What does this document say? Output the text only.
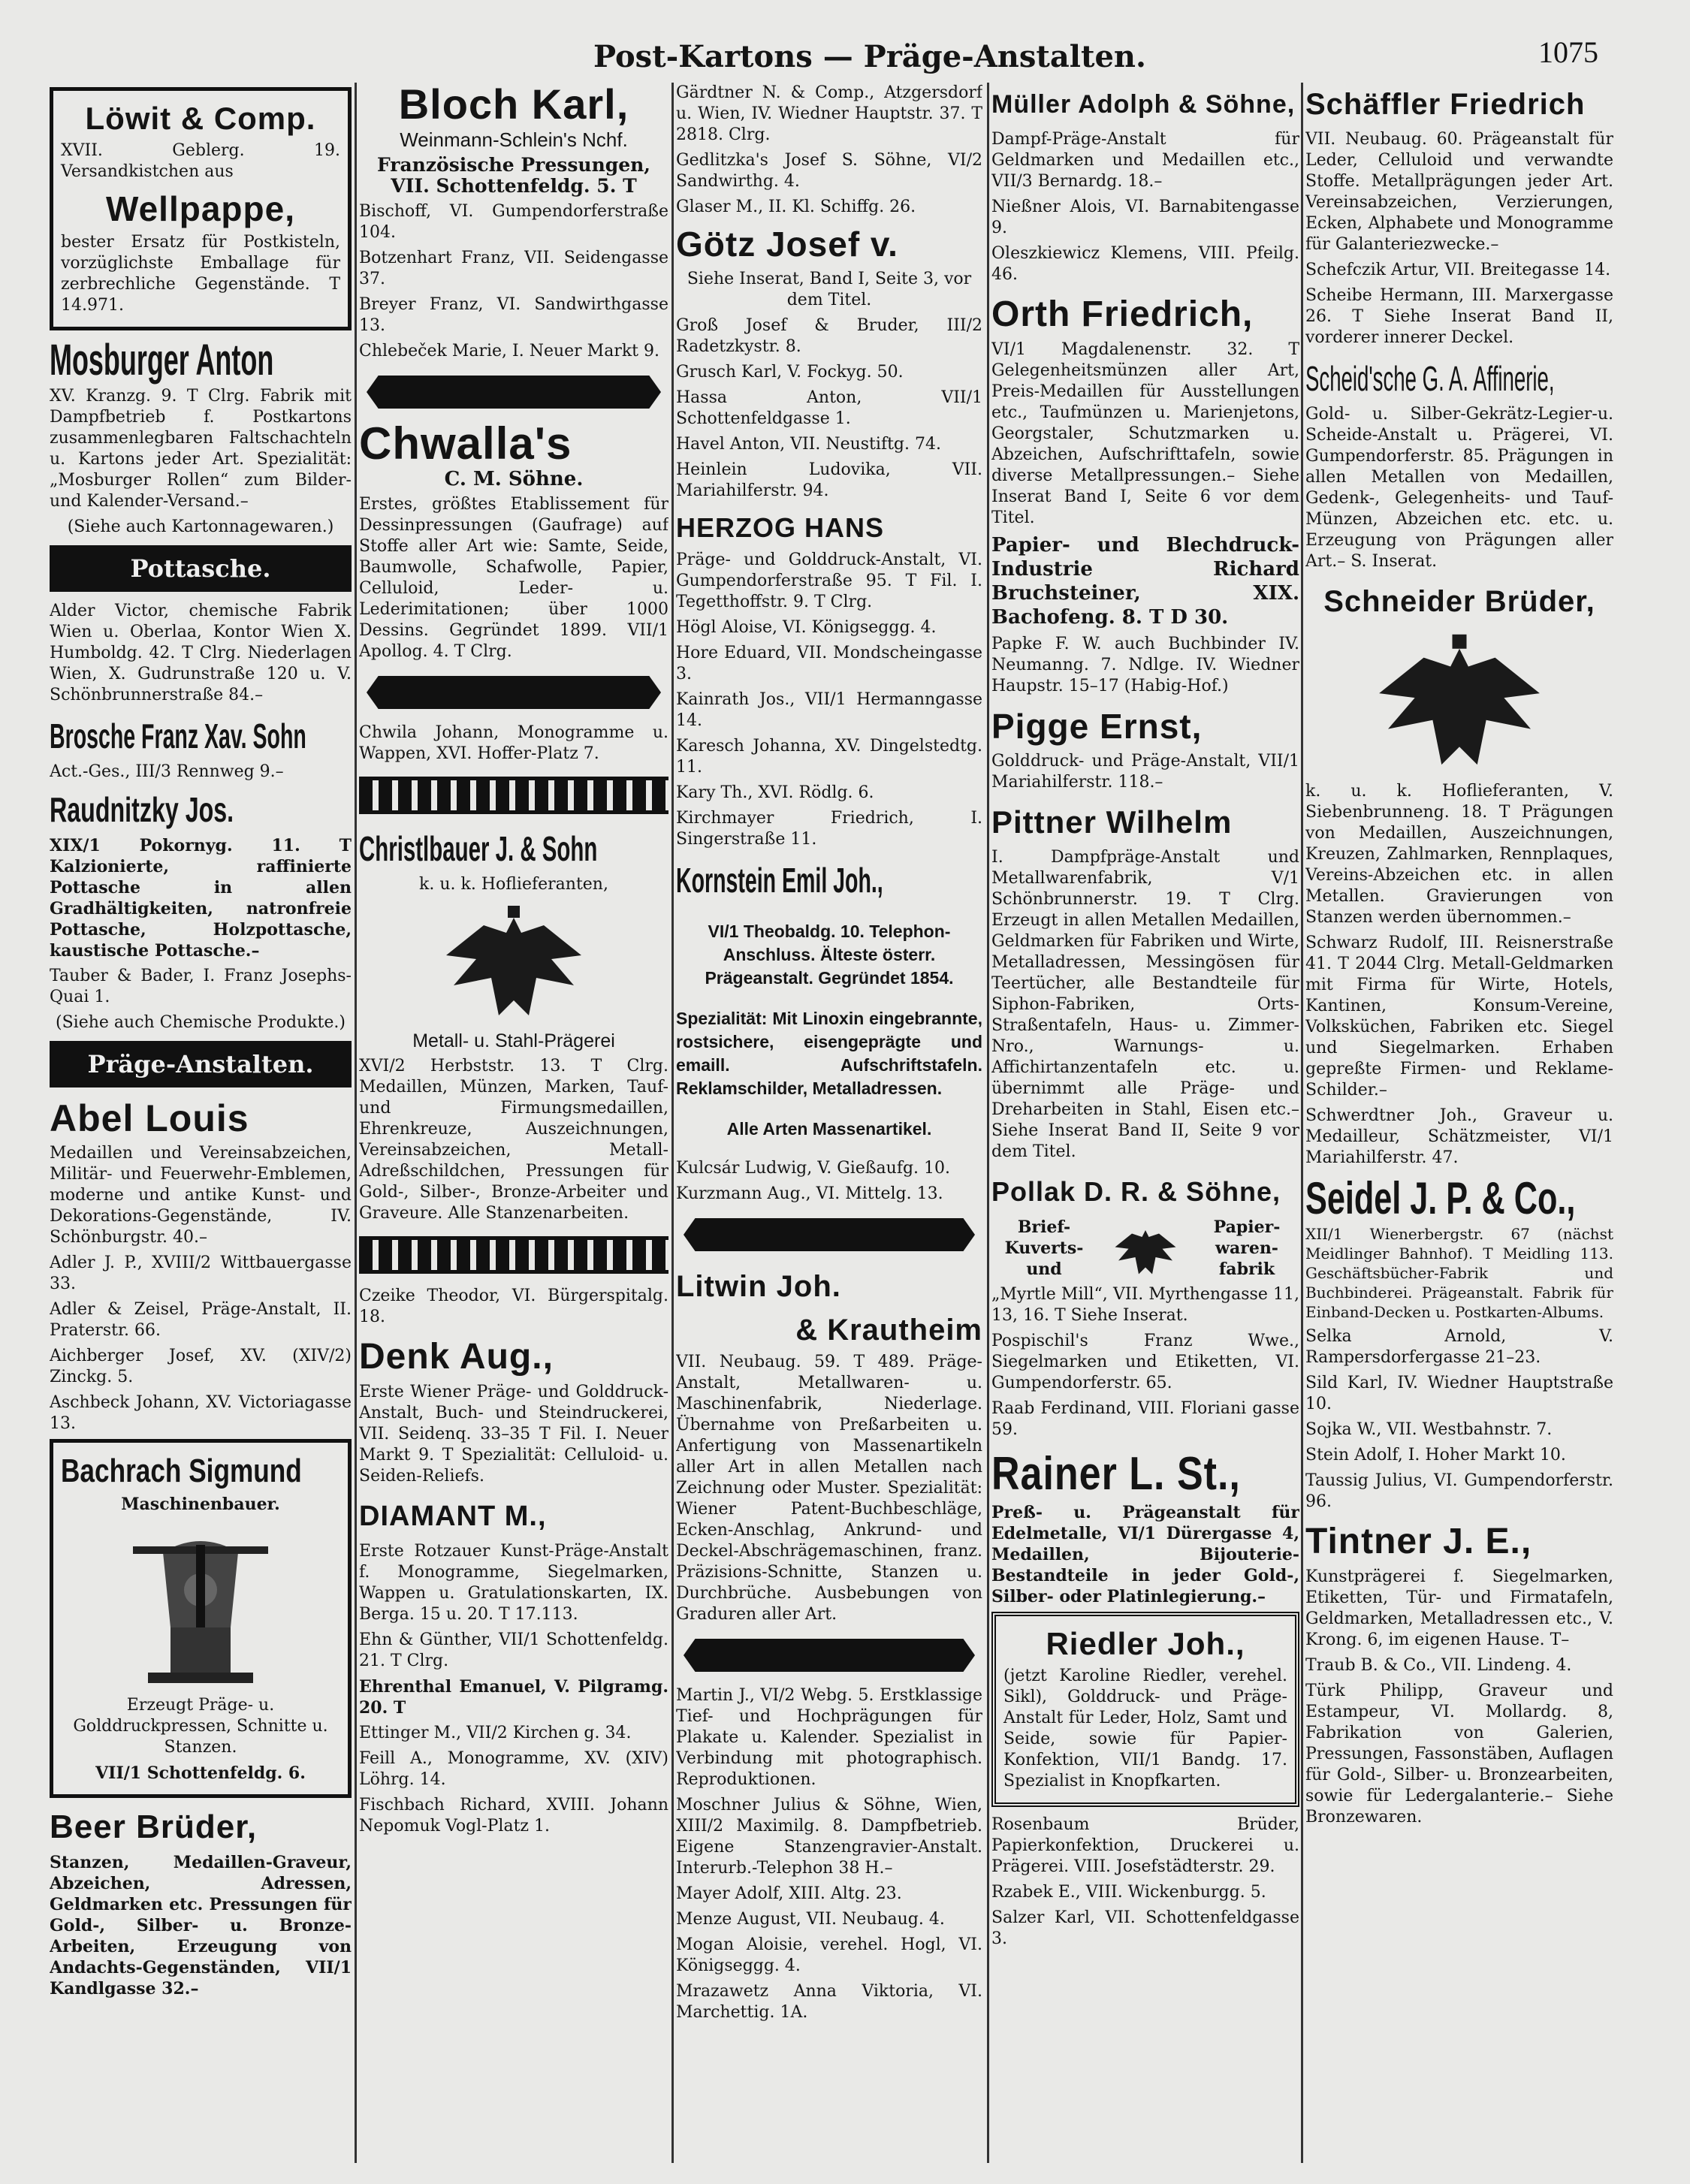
Post-Kartons — Präge-Anstalten.	1075
Löwit & Comp.

XVII. Geblerg. 19. Versandkistchen aus

Wellpappe,

bester Ersatz für Postkisteln, vorzüglichste Emballage für zerbrechliche Gegenstände. T 14.971.

Mosburger Anton

XV. Kranzg. 9. T Clrg. Fabrik mit Dampfbetrieb f. Postkartons zusammenlegbaren Faltschachteln u. Kartons jeder Art. Spezialität: „Mosburger Rollen“ zum Bilder- und Kalender-Versand.–

(Siehe auch Kartonnagewaren.)

Pottasche.

Alder Victor, chemische Fabrik Wien u. Oberlaa, Kontor Wien X. Humboldg. 42. T Clrg. Niederlagen Wien, X. Gudrunstraße 120 u. V. Schönbrunnerstraße 84.–

Brosche Franz Xav. Sohn

Act.-Ges., III/3 Rennweg 9.–

Raudnitzky Jos.

XIX/1 Pokornyg. 11. T Kalzionierte, raffinierte Pottasche in allen Gradhältigkeiten, natronfreie Pottasche, Holzpottasche, kaustische Pottasche.–

Tauber & Bader, I. Franz Josephs-Quai 1.

(Siehe auch Chemische Produkte.)

Präge-Anstalten.
Abel Louis

Medaillen und Vereinsabzeichen, Militär- und Feuerwehr-Emblemen, moderne und antike Kunst- und Dekorations-Gegenstände, IV. Schönburgstr. 40.–

Adler J. P., XVIII/2 Wittbauergasse 33.

Adler & Zeisel, Präge-Anstalt, II. Praterstr. 66.

Aichberger Josef, XV. (XIV/2) Zinckg. 5.

Aschbeck Johann, XV. Victoriagasse 13.

Bachrach Sigmund

Maschinenbauer.

Erzeugt Präge- u. Golddruckpressen, Schnitte u. Stanzen.

VII/1 Schottenfeldg. 6.

Beer Brüder,

Stanzen, Medaillen-Graveur, Abzeichen, Adressen, Geldmarken etc. Pressungen für Gold-, Silber- u. Bronze-Arbeiten, Erzeugung von Andachts-Gegenständen, VII/1 Kandlgasse 32.–

Bloch Karl,

Weinmann-Schlein's Nchf.

Französische Pressungen, VII. Schottenfeldg. 5. T

Bischoff, VI. Gumpendorferstraße 104.

Botzenhart Franz, VII. Seidengasse 37.

Breyer Franz, VI. Sandwirthgasse 13.

Chlebeček Marie, I. Neuer Markt 9.

Chwalla's

C. M. Söhne.

Erstes, größtes Etablissement für Dessinpressungen (Gaufrage) auf Stoffe aller Art wie: Samte, Seide, Baumwolle, Schafwolle, Papier, Celluloid, Leder- u. Lederimitationen; über 1000 Dessins. Gegründet 1899. VII/1 Apollog. 4. T Clrg.

Chwila Johann, Monogramme u. Wappen, XVI. Hoffer-Platz 7.

Christlbauer J. & Sohn

k. u. k. Hoflieferanten,

Metall- u. Stahl-Prägerei

XVI/2 Herbststr. 13. T Clrg. Medaillen, Münzen, Marken, Tauf- und Firmungsmedaillen, Ehrenkreuze, Auszeichnungen, Vereinsabzeichen, Metall-Adreßschildchen, Pressungen für Gold-, Silber-, Bronze-Arbeiter und Graveure. Alle Stanzenarbeiten.

Czeike Theodor, VI. Bürgerspitalg. 18.

Denk Aug.,

Erste Wiener Präge- und Golddruck-Anstalt, Buch- und Steindruckerei, VII. Seidenq. 33–35 T Fil. I. Neuer Markt 9. T Spezialität: Celluloid- u. Seiden-Reliefs.

DIAMANT M.,

Erste Rotzauer Kunst-Präge-Anstalt f. Monogramme, Siegelmarken, Wappen u. Gratulationskarten, IX. Berga. 15 u. 20. T 17.113.

Ehn & Günther, VII/1 Schottenfeldg. 21. T Clrg.

Ehrenthal Emanuel, V. Pilgramg. 20. T

Ettinger M., VII/2 Kirchen g. 34.

Feill A., Monogramme, XV. (XIV) Löhrg. 14.

Fischbach Richard, XVIII. Johann Nepomuk Vogl-Platz 1.

Gärdtner N. & Comp., Atzgersdorf u. Wien, IV. Wiedner Hauptstr. 37. T 2818. Clrg.

Gedlitzka's Josef S. Söhne, VI/2 Sandwirthg. 4.

Glaser M., II. Kl. Schiffg. 26.

Götz Josef v.

Siehe Inserat, Band I, Seite 3, vor dem Titel.

Groß Josef & Bruder, III/2 Radetzkystr. 8.

Grusch Karl, V. Fockyg. 50.

Hassa Anton, VII/1 Schottenfeldgasse 1.

Havel Anton, VII. Neustiftg. 74.

Heinlein Ludovika, VII. Mariahilferstr. 94.

HERZOG HANS

Präge- und Golddruck-Anstalt, VI. Gumpendorferstraße 95. T Fil. I. Tegetthoffstr. 9. T Clrg.

Högl Aloise, VI. Königseggg. 4.

Hore Eduard, VII. Mondscheingasse 3.

Kainrath Jos., VII/1 Hermanngasse 14.

Karesch Johanna, XV. Dingelstedtg. 11.

Kary Th., XVI. Rödlg. 6.

Kirchmayer Friedrich, I. Singerstraße 11.

Kornstein Emil Joh.,

VI/1 Theobaldg. 10. Telephon-Anschluss. Älteste österr. Prägeanstalt. Gegründet 1854.

Spezialität: Mit Linoxin eingebrannte, rostsichere, eisengeprägte und emaill. Aufschriftstafeln. Reklamschilder, Metalladressen.

Alle Arten Massenartikel.

Kulcsár Ludwig, V. Gießaufg. 10.

Kurzmann Aug., VI. Mittelg. 13.

Litwin Joh.
& Krautheim

VII. Neubaug. 59. T 489. Präge-Anstalt, Metallwaren- u. Maschinenfabrik, Niederlage. Übernahme von Preßarbeiten u. Anfertigung von Massenartikeln aller Art in allen Metallen nach Zeichnung oder Muster. Spezialität: Wiener Patent-Buchbeschläge, Ecken-Anschlag, Ankrund- und Deckel-Abschrägemaschinen, franz. Präzisions-Schnitte, Stanzen u. Durchbrüche. Ausbebungen von Graduren aller Art.

Martin J., VI/2 Webg. 5. Erstklassige Tief- und Hochprägungen für Plakate u. Kalender. Spezialist in Verbindung mit photographisch. Reproduktionen.

Moschner Julius & Söhne, Wien, XIII/2 Maximilg. 8. Dampfbetrieb. Eigene Stanzengravier-Anstalt. Interurb.-Telephon 38 H.–

Mayer Adolf, XIII. Altg. 23.

Menze August, VII. Neubaug. 4.

Mogan Aloisie, verehel. Hogl, VI. Königseggg. 4.

Mrazawetz Anna Viktoria, VI. Marchettig. 1A.

Müller Adolph & Söhne,

Dampf-Präge-Anstalt für Geldmarken und Medaillen etc., VII/3 Bernardg. 18.–

Nießner Alois, VI. Barnabitengasse 9.

Oleszkiewicz Klemens, VIII. Pfeilg. 46.

Orth Friedrich,

VI/1 Magdalenenstr. 32. T Gelegenheitsmünzen aller Art, Preis-Medaillen für Ausstellungen etc., Taufmünzen u. Marienjetons, Georgstaler, Schutzmarken u. Abzeichen, Aufschrifttafeln, sowie diverse Metallpressungen.– Siehe Inserat Band I, Seite 6 vor dem Titel.

Papier- und Blechdruck-Industrie Richard Bruchsteiner, XIX. Bachofeng. 8. T D 30.

Papke F. W. auch Buchbinder IV. Neumanng. 7. Ndlge. IV. Wiedner Haupstr. 15–17 (Habig-Hof.)

Pigge Ernst,

Golddruck- und Präge-Anstalt, VII/1 Mariahilferstr. 118.–

Pittner Wilhelm

I. Dampfpräge-Anstalt und Metallwarenfabrik, V/1 Schönbrunnerstr. 19. T Clrg. Erzeugt in allen Metallen Medaillen, Geldmarken für Fabriken und Wirte, Metalladressen, Messingösen für Teertücher, alle Bestandteile für Siphon-Fabriken, Orts-Straßentafeln, Haus- u. Zimmer-Nro., Warnungs- u. Affichirtanzentafeln etc. u. übernimmt alle Präge- und Dreharbeiten in Stahl, Eisen etc.– Siehe Inserat Band II, Seite 9 vor dem Titel.

Pollak D. R. & Söhne,

Brief-Kuverts- und

Papier-waren-fabrik

„Myrtle Mill“, VII. Myrthengasse 11, 13, 16. T Siehe Inserat.

Pospischil's Franz Wwe., Siegelmarken und Etiketten, VI. Gumpendorferstr. 65.

Raab Ferdinand, VIII. Floriani gasse 59.

Rainer L. St.,

Preß- u. Prägeanstalt für Edelmetalle, VI/1 Dürergasse 4, Medaillen, Bijouterie-Bestandteile in jeder Gold-, Silber- oder Platinlegierung.–

Riedler Joh.,

(jetzt Karoline Riedler, verehel. Sikl), Golddruck- und Präge-Anstalt für Leder, Holz, Samt und Seide, sowie für Papier-Konfektion, VII/1 Bandg. 17. Spezialist in Knopfkarten.

Rosenbaum Brüder, Papierkonfektion, Druckerei u. Prägerei. VIII. Josefstädterstr. 29.

Rzabek E., VIII. Wickenburgg. 5.

Salzer Karl, VII. Schottenfeldgasse 3.

Schäffler Friedrich

VII. Neubaug. 60. Prägeanstalt für Leder, Celluloid und verwandte Stoffe. Metallprägungen jeder Art. Vereinsabzeichen, Verzierungen, Ecken, Alphabete und Monogramme für Galanteriezwecke.–

Schefczik Artur, VII. Breitegasse 14.

Scheibe Hermann, III. Marxergasse 26. T Siehe Inserat Band II, vorderer innerer Deckel.

Scheid'sche G. A. Affinerie,

Gold- u. Silber-Gekrätz-Legier-u. Scheide-Anstalt u. Prägerei, VI. Gumpendorferstr. 85. Prägungen in allen Metallen von Medaillen, Gedenk-, Gelegenheits- und Tauf-Münzen, Abzeichen etc. etc. u. Erzeugung von Prägungen aller Art.– S. Inserat.

Schneider Brüder,

k. u. k. Hoflieferanten, V. Siebenbrunneng. 18. T Prägungen von Medaillen, Auszeichnungen, Kreuzen, Zahlmarken, Rennplaques, Vereins-Abzeichen etc. in allen Metallen. Gravierungen von Stanzen werden übernommen.–

Schwarz Rudolf, III. Reisnerstraße 41. T 2044 Clrg. Metall-Geldmarken mit Firma für Wirte, Hotels, Kantinen, Konsum-Vereine, Volksküchen, Fabriken etc. Siegel und Siegelmarken. Erhaben gepreßte Firmen- und Reklame-Schilder.–

Schwerdtner Joh., Graveur u. Medailleur, Schätzmeister, VI/1 Mariahilferstr. 47.

Seidel J. P. & Co.,

XII/1 Wienerbergstr. 67 (nächst Meidlinger Bahnhof). T Meidling 113. Geschäftsbücher-Fabrik und Buchbinderei. Prägeanstalt. Fabrik für Einband-Decken u. Postkarten-Albums.

Selka Arnold, V. Rampersdorfergasse 21–23.

Sild Karl, IV. Wiedner Hauptstraße 10.

Sojka W., VII. Westbahnstr. 7.

Stein Adolf, I. Hoher Markt 10.

Taussig Julius, VI. Gumpendorferstr. 96.

Tintner J. E.,

Kunstprägerei f. Siegelmarken, Etiketten, Tür- und Firmatafeln, Geldmarken, Metalladressen etc., V. Krong. 6, im eigenen Hause. T–

Traub B. & Co., VII. Lindeng. 4.

Türk Philipp, Graveur und Estampeur, VI. Mollardg. 8, Fabrikation von Galerien, Pressungen, Fassonstäben, Auflagen für Gold-, Silber- u. Bronzearbeiten, sowie für Ledergalanterie.– Siehe Bronzewaren.
